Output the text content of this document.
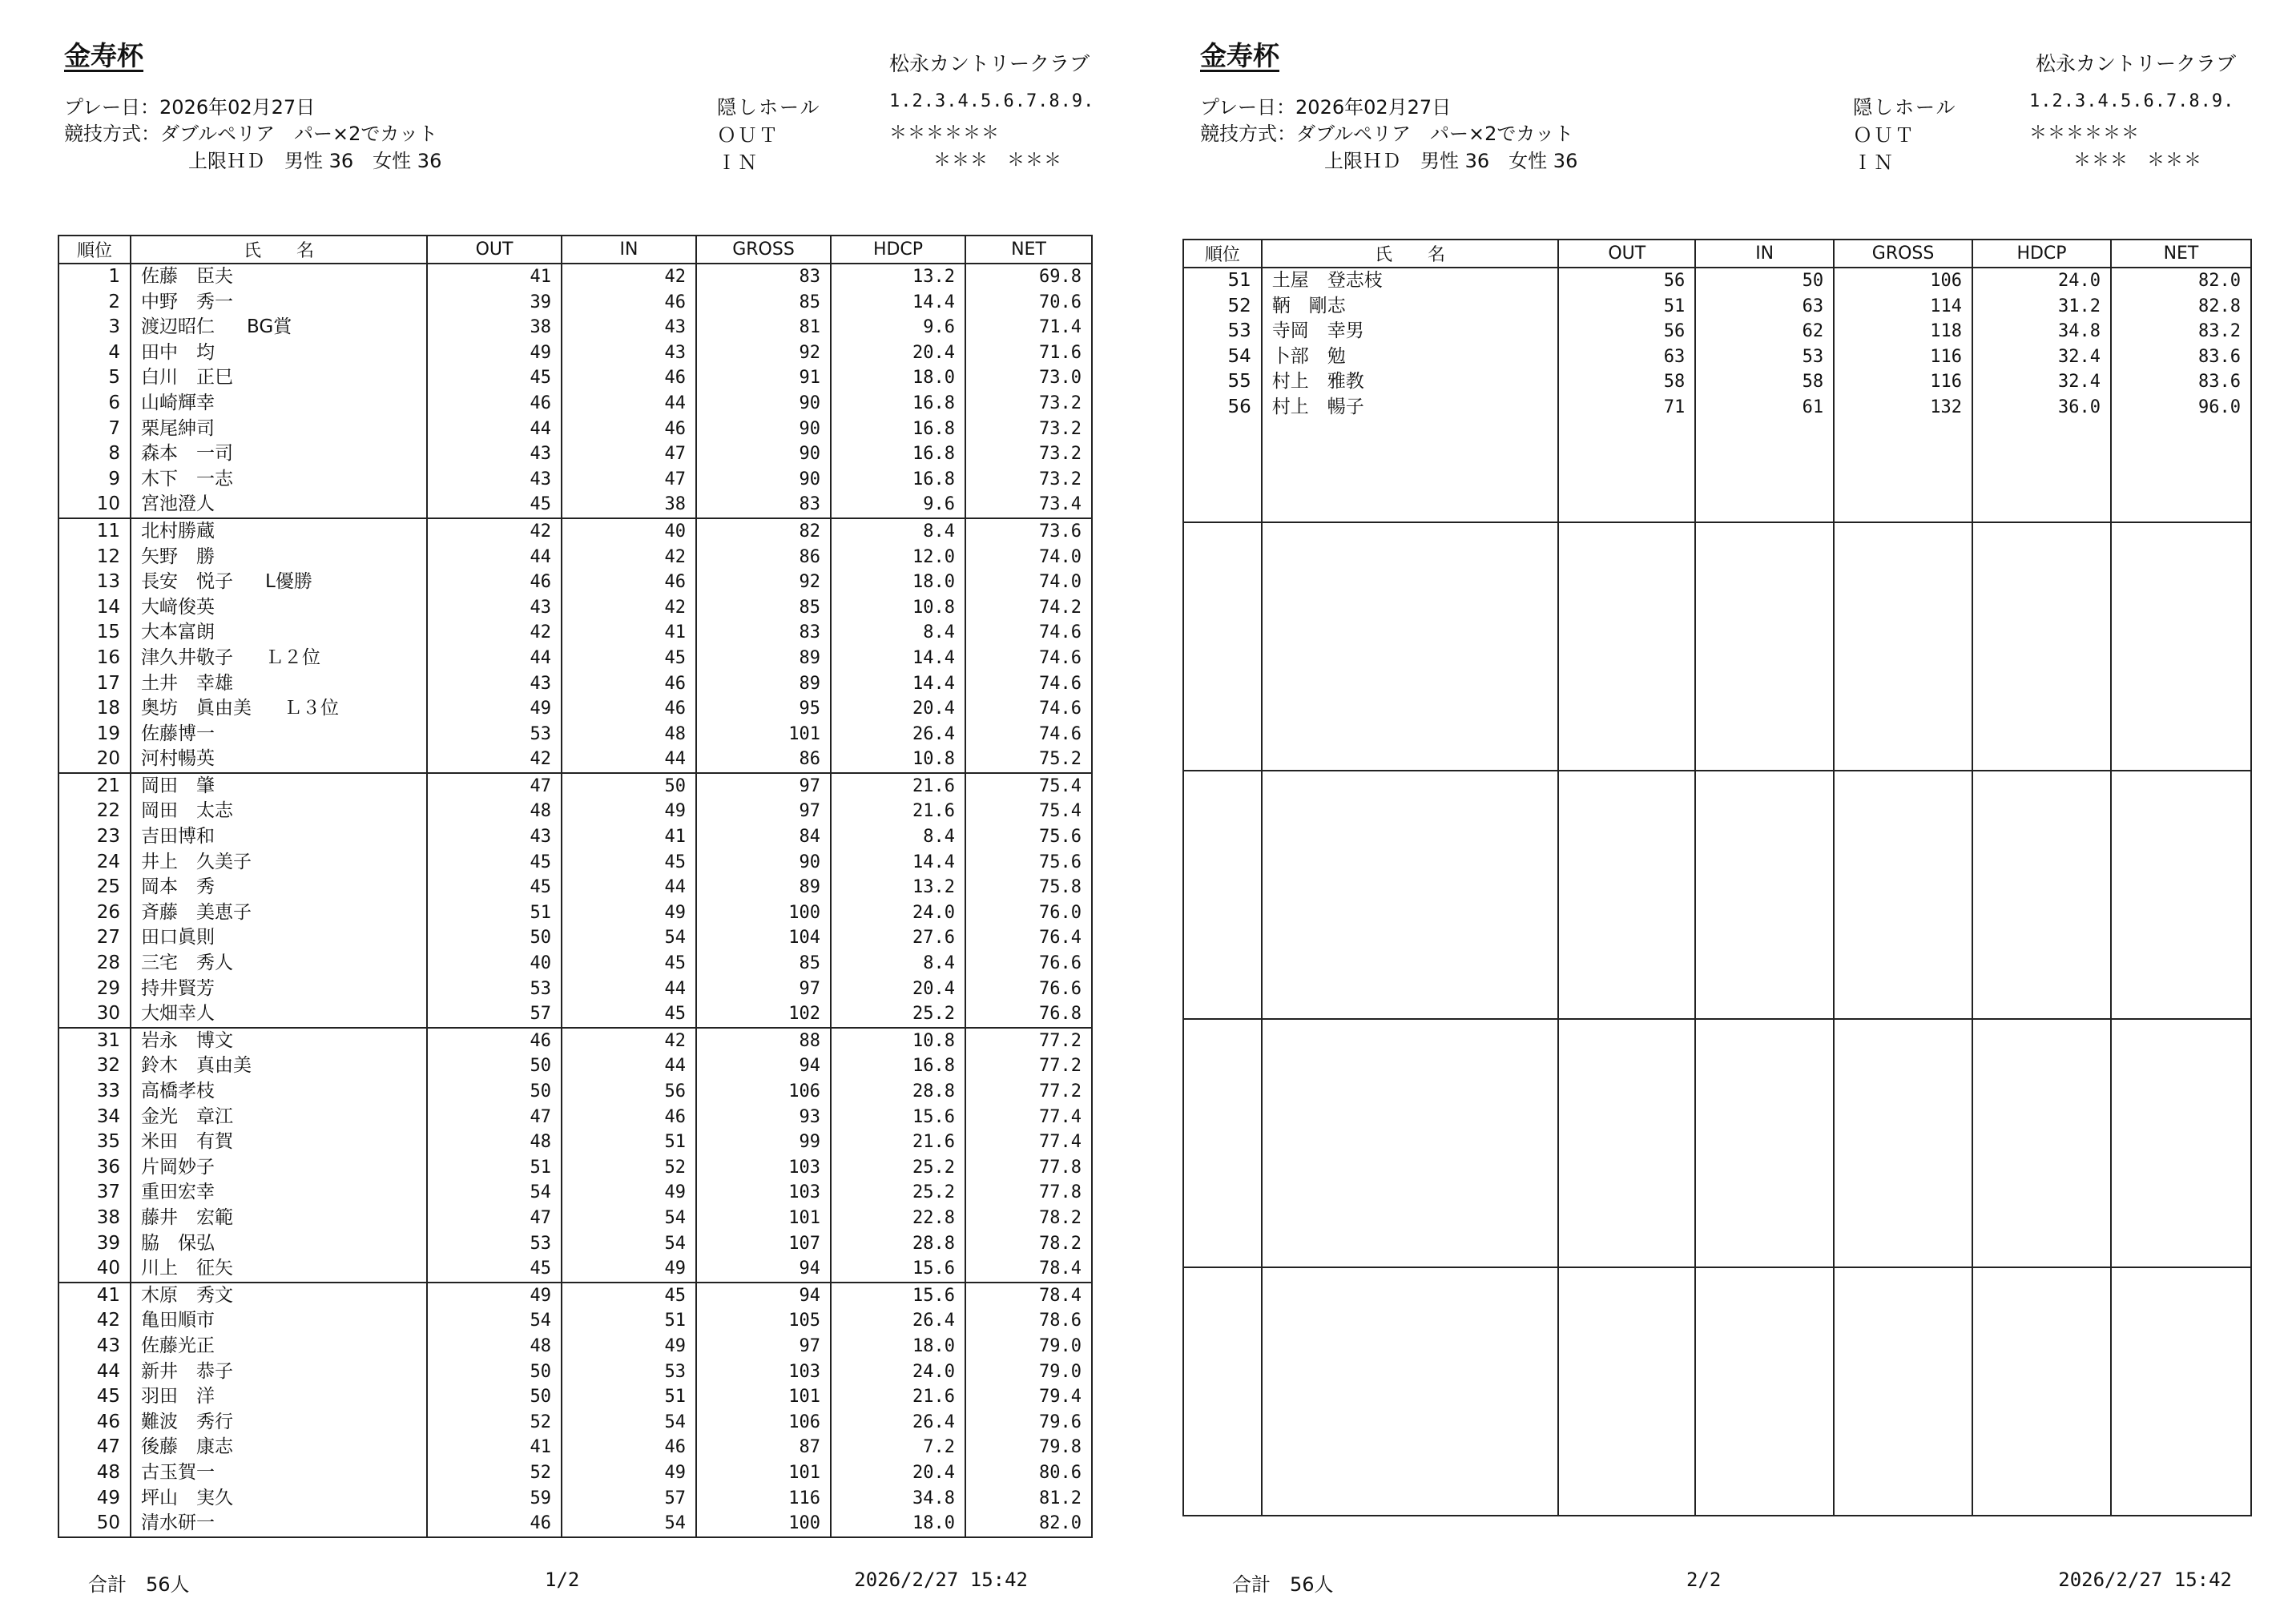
金寿杯	松永カントリークラブ
プレー日：2026年02月27日
競技方式：ダブルペリア　パー×2でカット
上限ＨＤ　男性 36　女性 36
隠しホール
ＯＵＴ
ＩＮ
1.2.3.4.5.6.7.8.9.
＊＊＊＊＊＊
＊＊＊　＊＊＊
順位	氏　　名	OUT	IN	GROSS	HDCP	NET
1	佐藤　臣夫	41	42	83	13.2	69.8
2	中野　秀一	39	46	85	14.4	70.6
3	渡辺昭仁 BG賞	38	43	81	9.6	71.4
4	田中　均	49	43	92	20.4	71.6
5	白川　正巳	45	46	91	18.0	73.0
6	山崎輝幸	46	44	90	16.8	73.2
7	栗尾紳司	44	46	90	16.8	73.2
8	森本　一司	43	47	90	16.8	73.2
9	木下　一志	43	47	90	16.8	73.2
10	宮池澄人	45	38	83	9.6	73.4
11	北村勝蔵	42	40	82	8.4	73.6
12	矢野　勝	44	42	86	12.0	74.0
13	長安　悦子 L優勝	46	46	92	18.0	74.0
14	大﨑俊英	43	42	85	10.8	74.2
15	大本富朗	42	41	83	8.4	74.6
16	津久井敬子 Ｌ２位	44	45	89	14.4	74.6
17	土井　幸雄	43	46	89	14.4	74.6
18	奥坊　眞由美 Ｌ３位	49	46	95	20.4	74.6
19	佐藤博一	53	48	101	26.4	74.6
20	河村暢英	42	44	86	10.8	75.2
21	岡田　肇	47	50	97	21.6	75.4
22	岡田　太志	48	49	97	21.6	75.4
23	吉田博和	43	41	84	8.4	75.6
24	井上　久美子	45	45	90	14.4	75.6
25	岡本　秀	45	44	89	13.2	75.8
26	斉藤　美恵子	51	49	100	24.0	76.0
27	田口眞則	50	54	104	27.6	76.4
28	三宅　秀人	40	45	85	8.4	76.6
29	持井賢芳	53	44	97	20.4	76.6
30	大畑幸人	57	45	102	25.2	76.8
31	岩永　博文	46	42	88	10.8	77.2
32	鈴木　真由美	50	44	94	16.8	77.2
33	高橋孝枝	50	56	106	28.8	77.2
34	金光　章江	47	46	93	15.6	77.4
35	米田　有賀	48	51	99	21.6	77.4
36	片岡妙子	51	52	103	25.2	77.8
37	重田宏幸	54	49	103	25.2	77.8
38	藤井　宏範	47	54	101	22.8	78.2
39	脇　保弘	53	54	107	28.8	78.2
40	川上　征矢	45	49	94	15.6	78.4
41	木原　秀文	49	45	94	15.6	78.4
42	亀田順市	54	51	105	26.4	78.6
43	佐藤光正	48	49	97	18.0	79.0
44	新井　恭子	50	53	103	24.0	79.0
45	羽田　洋	50	51	101	21.6	79.4
46	難波　秀行	52	54	106	26.4	79.6
47	後藤　康志	41	46	87	7.2	79.8
48	古玉賀一	52	49	101	20.4	80.6
49	坪山　実久	59	57	116	34.8	81.2
50	清水研一	46	54	100	18.0	82.0
合計　56人	1/2	2026/2/27 15:42
金寿杯	松永カントリークラブ
プレー日：2026年02月27日
競技方式：ダブルペリア　パー×2でカット
上限ＨＤ　男性 36　女性 36
隠しホール
ＯＵＴ
ＩＮ
1.2.3.4.5.6.7.8.9.
＊＊＊＊＊＊
＊＊＊　＊＊＊
順位	氏　　名	OUT	IN	GROSS	HDCP	NET
51	土屋　登志枝	56	50	106	24.0	82.0
52	鞆　剛志	51	63	114	31.2	82.8
53	寺岡　幸男	56	62	118	34.8	83.2
54	卜部　勉	63	53	116	32.4	83.6
55	村上　雅教	58	58	116	32.4	83.6
56	村上　暢子	71	61	132	36.0	96.0

合計　56人	2/2	2026/2/27 15:42
